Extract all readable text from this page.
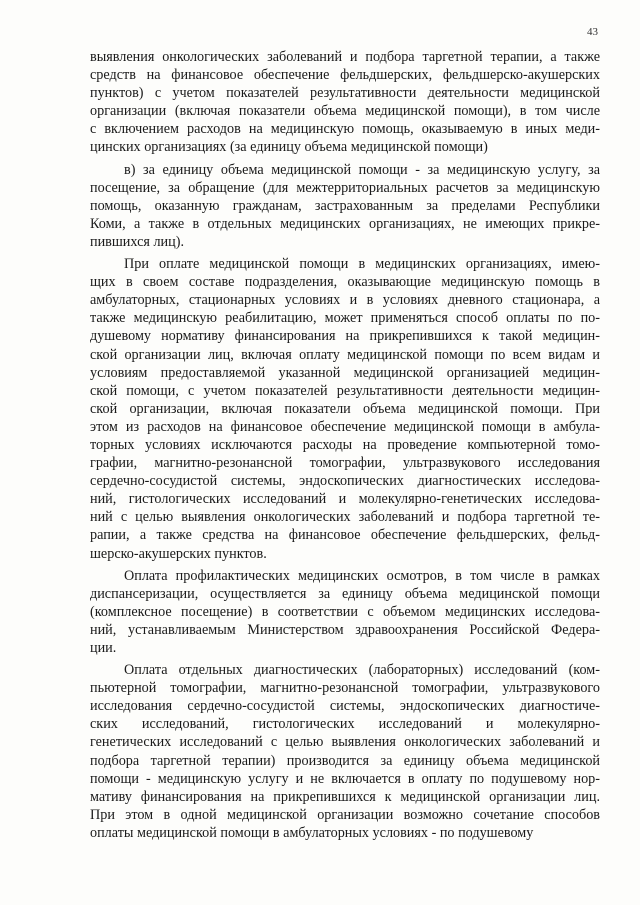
43
выявления онкологических заболеваний и подбора таргетной терапии, а также
средств на финансовое обеспечение фельдшерских, фельдшерско-акушерских
пунктов) с учетом показателей результативности деятельности медицинской
организации (включая показатели объема медицинской помощи), в том числе
с включением расходов на медицинскую помощь, оказываемую в иных меди-
цинских организациях (за единицу объема медицинской помощи)
в) за единицу объема медицинской помощи - за медицинскую услугу, за
посещение, за обращение (для межтерриториальных расчетов за медицинскую
помощь, оказанную гражданам, застрахованным за пределами Республики
Коми, а также в отдельных медицинских организациях, не имеющих прикре-
пившихся лиц).
При оплате медицинской помощи в медицинских организациях, имею-
щих в своем составе подразделения, оказывающие медицинскую помощь в
амбулаторных, стационарных условиях и в условиях дневного стационара, а
также медицинскую реабилитацию, может применяться способ оплаты по по-
душевому нормативу финансирования на прикрепившихся к такой медицин-
ской организации лиц, включая оплату медицинской помощи по всем видам и
условиям предоставляемой указанной медицинской организацией медицин-
ской помощи, с учетом показателей результативности деятельности медицин-
ской организации, включая показатели объема медицинской помощи. При
этом из расходов на финансовое обеспечение медицинской помощи в амбула-
торных условиях исключаются расходы на проведение компьютерной томо-
графии, магнитно-резонансной томографии, ультразвукового исследования
сердечно-сосудистой системы, эндоскопических диагностических исследова-
ний, гистологических исследований и молекулярно-генетических исследова-
ний с целью выявления онкологических заболеваний и подбора таргетной те-
рапии, а также средства на финансовое обеспечение фельдшерских, фельд-
шерско-акушерских пунктов.
Оплата профилактических медицинских осмотров, в том числе в рамках
диспансеризации, осуществляется за единицу объема медицинской помощи
(комплексное посещение) в соответствии с объемом медицинских исследова-
ний, устанавливаемым Министерством здравоохранения Российской Федера-
ции.
Оплата отдельных диагностических (лабораторных) исследований (ком-
пьютерной томографии, магнитно-резонансной томографии, ультразвукового
исследования сердечно-сосудистой системы, эндоскопических диагностиче-
ских исследований, гистологических исследований и молекулярно-
генетических исследований с целью выявления онкологических заболеваний и
подбора таргетной терапии) производится за единицу объема медицинской
помощи - медицинскую услугу и не включается в оплату по подушевому нор-
мативу финансирования на прикрепившихся к медицинской организации лиц.
При этом в одной медицинской организации возможно сочетание способов
оплаты медицинской помощи в амбулаторных условиях - по подушевому
